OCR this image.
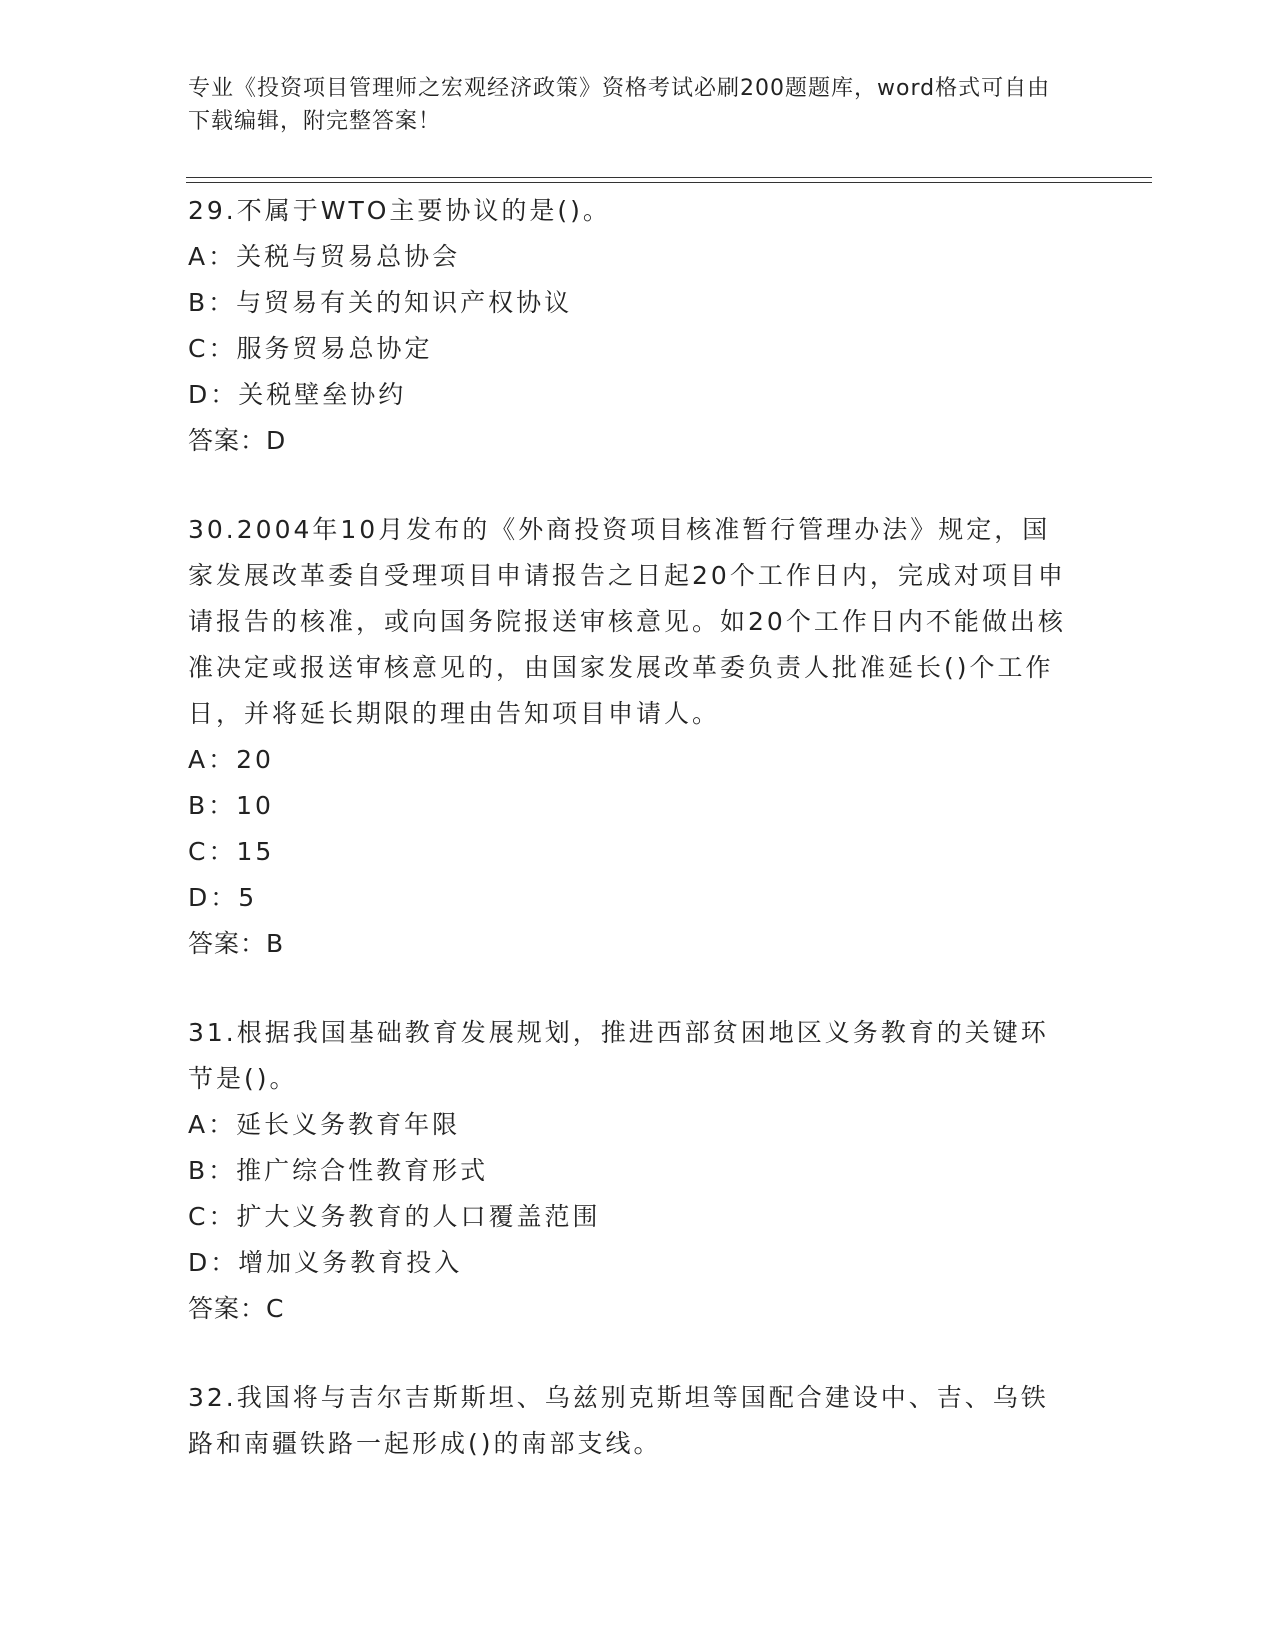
专业《投资项目管理师之宏观经济政策》资格考试必刷200题题库，word格式可自由下载编辑，附完整答案！
29.不属于WTO主要协议的是()。
A：关税与贸易总协会
B：与贸易有关的知识产权协议
C：服务贸易总协定
D：关税壁垒协约
答案：D
30.2004年10月发布的《外商投资项目核准暂行管理办法》规定，国家发展改革委自受理项目申请报告之日起20个工作日内，完成对项目申请报告的核准，或向国务院报送审核意见。如20个工作日内不能做出核准决定或报送审核意见的，由国家发展改革委负责人批准延长()个工作日，并将延长期限的理由告知项目申请人。
A：20
B：10
C：15
D：5
答案：B
31.根据我国基础教育发展规划，推进西部贫困地区义务教育的关键环节是()。
A：延长义务教育年限
B：推广综合性教育形式
C：扩大义务教育的人口覆盖范围
D：增加义务教育投入
答案：C
32.我国将与吉尔吉斯斯坦、乌兹别克斯坦等国配合建设中、吉、乌铁路和南疆铁路一起形成()的南部支线。
